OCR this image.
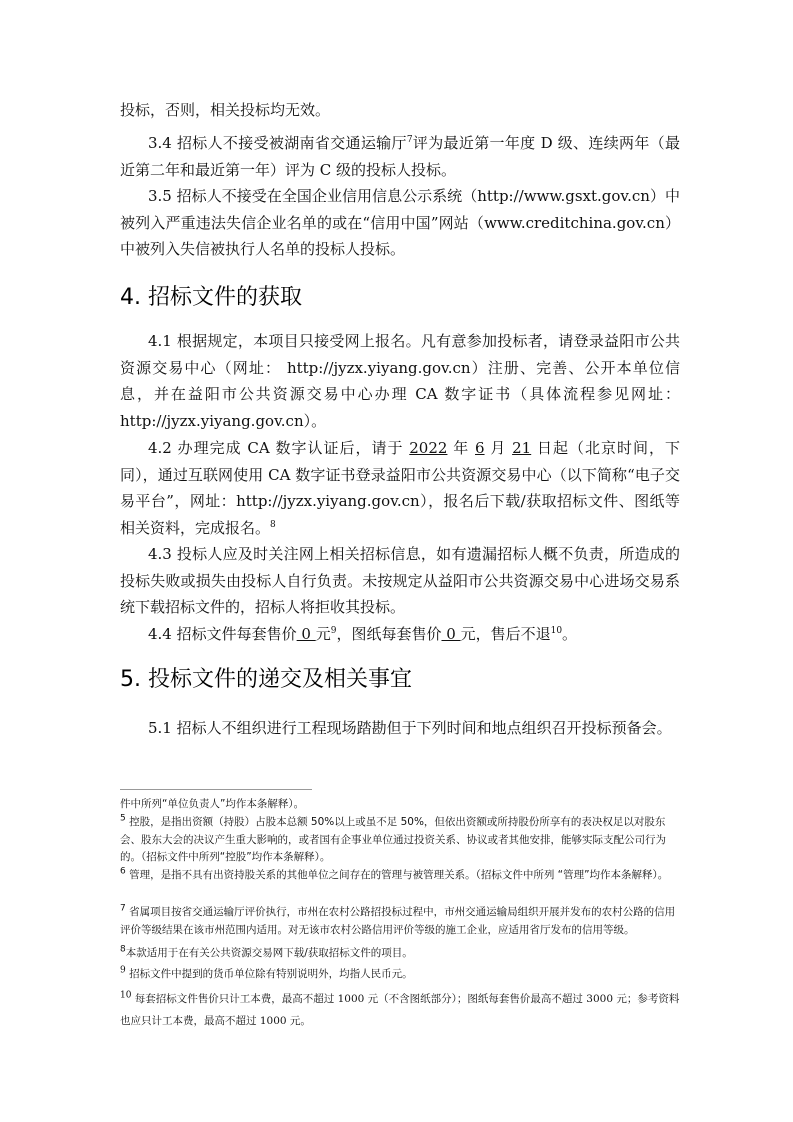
投标，否则，相关投标均无效。

3.4 招标人不接受被湖南省交通运输厅$^7$评为最近第一年度 D 级、连续两年（最近第二年和最近第一年）评为 C 级的投标人投标。

3.5 招标人不接受在全国企业信用信息公示系统（http://www.gsxt.gov.cn）中被列入严重违法失信企业名单的或在“信用中国”网站（www.creditchina.gov.cn）中被列入失信被执行人名单的投标人投标。

4. 招标文件的获取

4.1 根据规定，本项目只接受网上报名。凡有意参加投标者，请登录益阳市公共资源交易中心（网址： http://jyzx.yiyang.gov.cn）注册、完善、公开本单位信息，并在益阳市公共资源交易中心办理 CA 数字证书（具体流程参见网址：http://jyzx.yiyang.gov.cn）。

4.2 办理完成 CA 数字认证后，请于 2022 年 6 月 21 日起（北京时间，下同），通过互联网使用 CA 数字证书登录益阳市公共资源交易中心（以下简称“电子交易平台”，网址：http://jyzx.yiyang.gov.cn），报名后下载/获取招标文件、图纸等相关资料，完成报名。$^8$

4.3 投标人应及时关注网上相关招标信息，如有遗漏招标人概不负责，所造成的投标失败或损失由投标人自行负责。未按规定从益阳市公共资源交易中心进场交易系统下载招标文件的，招标人将拒收其投标。

4.4 招标文件每套售价 0 元$^9$，图纸每套售价 0 元，售后不退$^{10}$。

5. 投标文件的递交及相关事宜

5.1 招标人不组织进行工程现场踏勘但于下列时间和地点组织召开投标预备会。

件中所列“单位负责人”均作本条解释）。

$^5$ 控股，是指出资额（持股）占股本总额 50%以上或虽不足 50%，但依出资额或所持股份所享有的表决权足以对股东会、股东大会的决议产生重大影响的，或者国有企事业单位通过投资关系、协议或者其他安排，能够实际支配公司行为的。（招标文件中所列“控股”均作本条解释）。

$^6$ 管理，是指不具有出资持股关系的其他单位之间存在的管理与被管理关系。（招标文件中所列 “管理”均作本条解释）。

$^7$ 省属项目按省交通运输厅评价执行，市州在农村公路招投标过程中，市州交通运输局组织开展并发布的农村公路的信用评价等级结果在该市州范围内适用。对无该市农村公路信用评价等级的施工企业，应适用省厅发布的信用等级。

$^8$本款适用于在有关公共资源交易网下载/获取招标文件的项目。

$^9$ 招标文件中提到的货币单位除有特别说明外，均指人民币元。

$^{10}$ 每套招标文件售价只计工本费，最高不超过 1000 元（不含图纸部分）；图纸每套售价最高不超过 3000 元；参考资料也应只计工本费，最高不超过 1000 元。
